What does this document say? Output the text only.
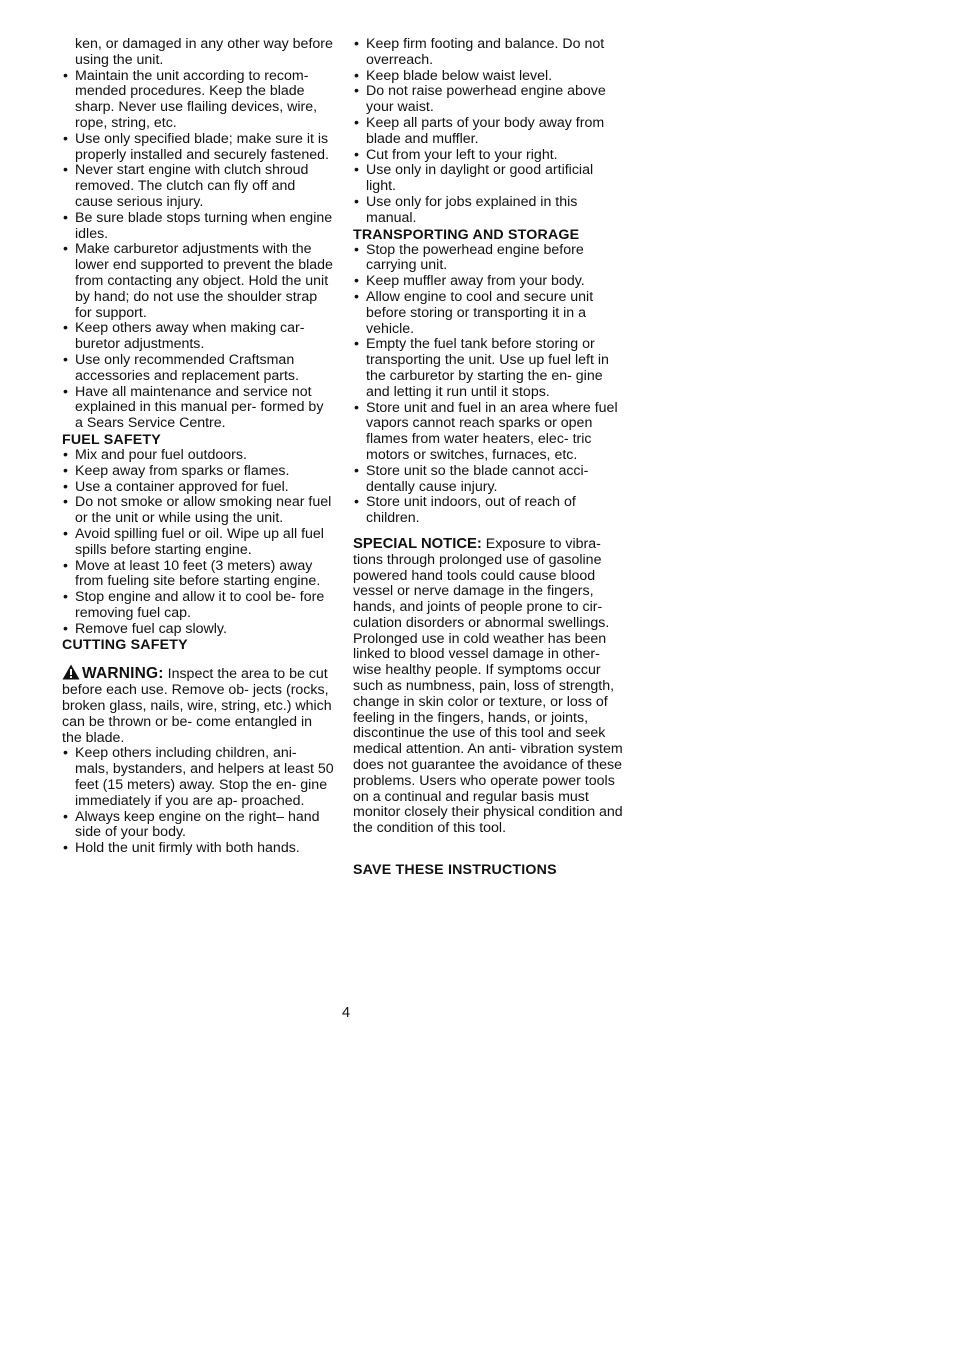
ken, or damaged in any other way before using the unit.
• Maintain the unit according to recom- mended procedures. Keep the blade sharp. Never use flailing devices, wire, rope, string, etc.
• Use only specified blade; make sure it is properly installed and securely fastened.
• Never start engine with clutch shroud removed. The clutch can fly off and cause serious injury.
• Be sure blade stops turning when engine idles.
• Make carburetor adjustments with the lower end supported to prevent the blade from contacting any object. Hold the unit by hand; do not use the shoulder strap for support.
• Keep others away when making car- buretor adjustments.
• Use only recommended Craftsman accessories and replacement parts.
• Have all maintenance and service not explained in this manual per- formed by a Sears Service Centre.
FUEL SAFETY
• Mix and pour fuel outdoors.
• Keep away from sparks or flames.
• Use a container approved for fuel.
• Do not smoke or allow smoking near fuel or the unit or while using the unit.
• Avoid spilling fuel or oil. Wipe up all fuel spills before starting engine.
• Move at least 10 feet (3 meters) away from fueling site before starting engine.
• Stop engine and allow it to cool be- fore removing fuel cap.
• Remove fuel cap slowly.
CUTTING SAFETY
WARNING: Inspect the area to be cut before each use. Remove ob- jects (rocks, broken glass, nails, wire, string, etc.) which can be thrown or be- come entangled in the blade.
• Keep others including children, ani- mals, bystanders, and helpers at least 50 feet (15 meters) away. Stop the en- gine immediately if you are ap- proached.
• Always keep engine on the right– hand side of your body.
• Hold the unit firmly with both hands.
• Keep firm footing and balance. Do not overreach.
• Keep blade below waist level.
• Do not raise powerhead engine above your waist.
• Keep all parts of your body away from blade and muffler.
• Cut from your left to your right.
• Use only in daylight or good artificial light.
• Use only for jobs explained in this manual.
TRANSPORTING AND STORAGE
• Stop the powerhead engine before carrying unit.
• Keep muffler away from your body.
• Allow engine to cool and secure unit before storing or transporting it in a vehicle.
• Empty the fuel tank before storing or transporting the unit. Use up fuel left in the carburetor by starting the en- gine and letting it run until it stops.
• Store unit and fuel in an area where fuel vapors cannot reach sparks or open flames from water heaters, elec- tric motors or switches, furnaces, etc.
• Store unit so the blade cannot acci- dentally cause injury.
• Store unit indoors, out of reach of children.
SPECIAL NOTICE: Exposure to vibra- tions through prolonged use of gasoline powered hand tools could cause blood vessel or nerve damage in the fingers, hands, and joints of people prone to cir- culation disorders or abnormal swellings. Prolonged use in cold weather has been linked to blood vessel damage in other- wise healthy people. If symptoms occur such as numbness, pain, loss of strength, change in skin color or texture, or loss of feeling in the fingers, hands, or joints, discontinue the use of this tool and seek medical attention. An anti- vibration system does not guarantee the avoidance of these problems. Users who operate power tools on a continual and regular basis must monitor closely their physical condition and the condition of this tool.
SAVE THESE INSTRUCTIONS
4
